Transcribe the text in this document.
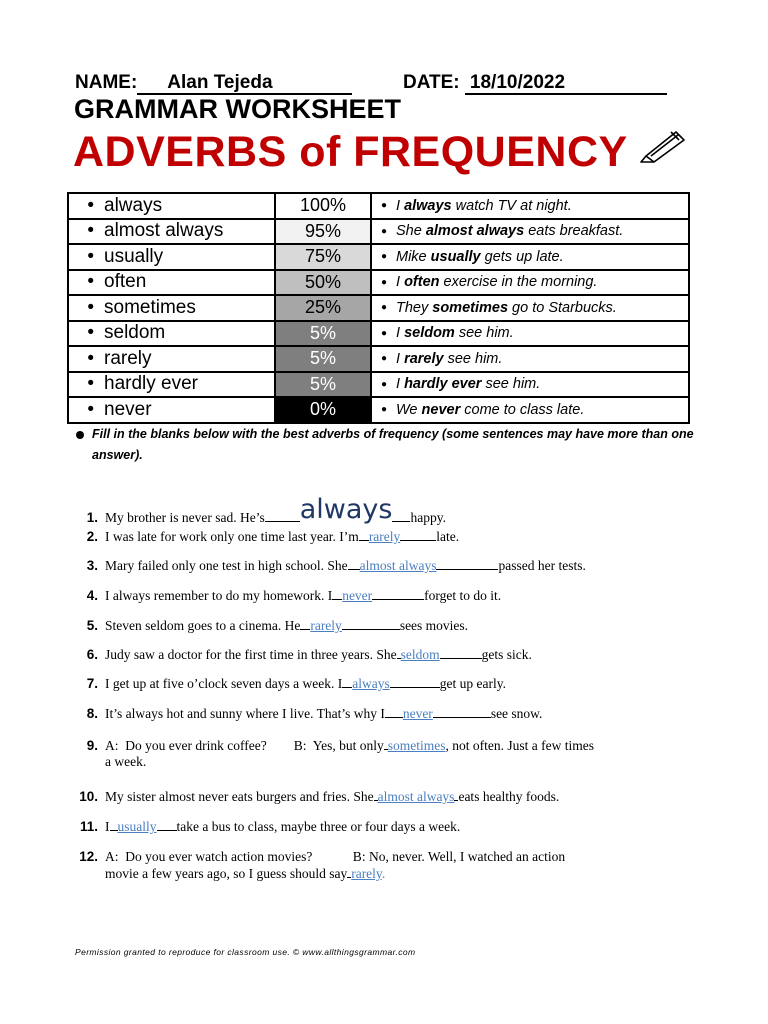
NAME: Alan Tejeda	DATE: 18/10/2022
GRAMMAR WORKSHEET
ADVERBS of FREQUENCY
• always	100%	● I always watch TV at night.
• almost always	95%	● She almost always eats breakfast.
• usually	75%	● Mike usually gets up late.
• often	50%	● I often exercise in the morning.
• sometimes	25%	● They sometimes go to Starbucks.
• seldom	5%	● I seldom see him.
• rarely	5%	● I rarely see him.
• hardly ever	5%	● I hardly ever see him.
• never	0%	● We never come to class late.
Fill in the blanks below with the best adverbs of frequency (some sentences may have more than one answer).
1. My brother is never sad. He’s always happy.
2. I was late for work only one time last year. I’m rarely	late.
3. Mary failed only one test in high school. She almost always	passed her tests.
4. I always remember to do my homework. I never	forget to do it.
5. Steven seldom goes to a cinema. He rarely	sees movies.
6. Judy saw a doctor for the first time in three years. She seldom	gets sick.
7. I get up at five o’clock seven days a week. I always	get up early.
8. It’s always hot and sunny where I live. That’s why I never	see snow.
9. A:  Do you ever drink coffee?        B:  Yes, but only sometimes, not often. Just a few times
a week.
10. My sister almost never eats burgers and fries. She almost always eats healthy foods.
11. I usually take a bus to class, maybe three or four days a week.
12. A:  Do you ever watch action movies?            B: No, never. Well, I watched an action
movie a few years ago, so I guess should say rarely.
Permission granted to reproduce for classroom use. © www.allthingsgrammar.com
